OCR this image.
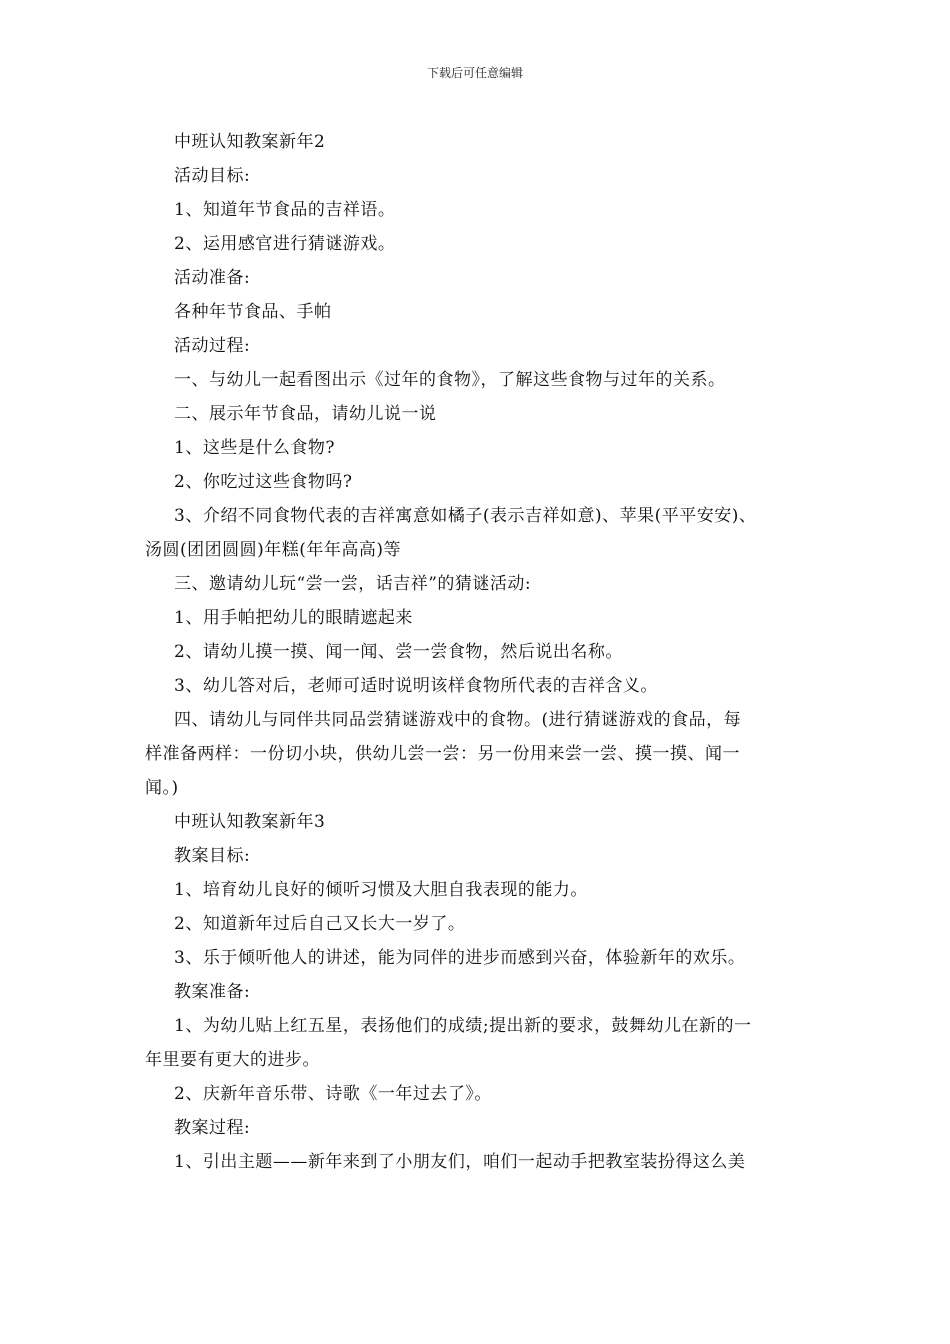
下载后可任意编辑

中班认知教案新年2

活动目标:

1、知道年节食品的吉祥语。

2、运用感官进行猜谜游戏。

活动准备:

各种年节食品、手帕

活动过程:

一、与幼儿一起看图出示《过年的食物》，了解这些食物与过年的关系。

二、展示年节食品，请幼儿说一说

1、这些是什么食物?

2、你吃过这些食物吗?

3、介绍不同食物代表的吉祥寓意如橘子(表示吉祥如意)、苹果(平平安安)、

汤圆(团团圆圆)年糕(年年高高)等

三、邀请幼儿玩“尝一尝，话吉祥”的猜谜活动:

1、用手帕把幼儿的眼睛遮起来

2、请幼儿摸一摸、闻一闻、尝一尝食物，然后说出名称。

3、幼儿答对后，老师可适时说明该样食物所代表的吉祥含义。

四、请幼儿与同伴共同品尝猜谜游戏中的食物。(进行猜谜游戏的食品，每

样准备两样：一份切小块，供幼儿尝一尝：另一份用来尝一尝、摸一摸、闻一

闻。)

中班认知教案新年3

教案目标:

1、培育幼儿良好的倾听习惯及大胆自我表现的能力。

2、知道新年过后自己又长大一岁了。

3、乐于倾听他人的讲述，能为同伴的进步而感到兴奋，体验新年的欢乐。

教案准备:

1、为幼儿贴上红五星，表扬他们的成绩;提出新的要求，鼓舞幼儿在新的一

年里要有更大的进步。

2、庆新年音乐带、诗歌《一年过去了》。

教案过程:

1、引出主题——新年来到了小朋友们，咱们一起动手把教室装扮得这么美
